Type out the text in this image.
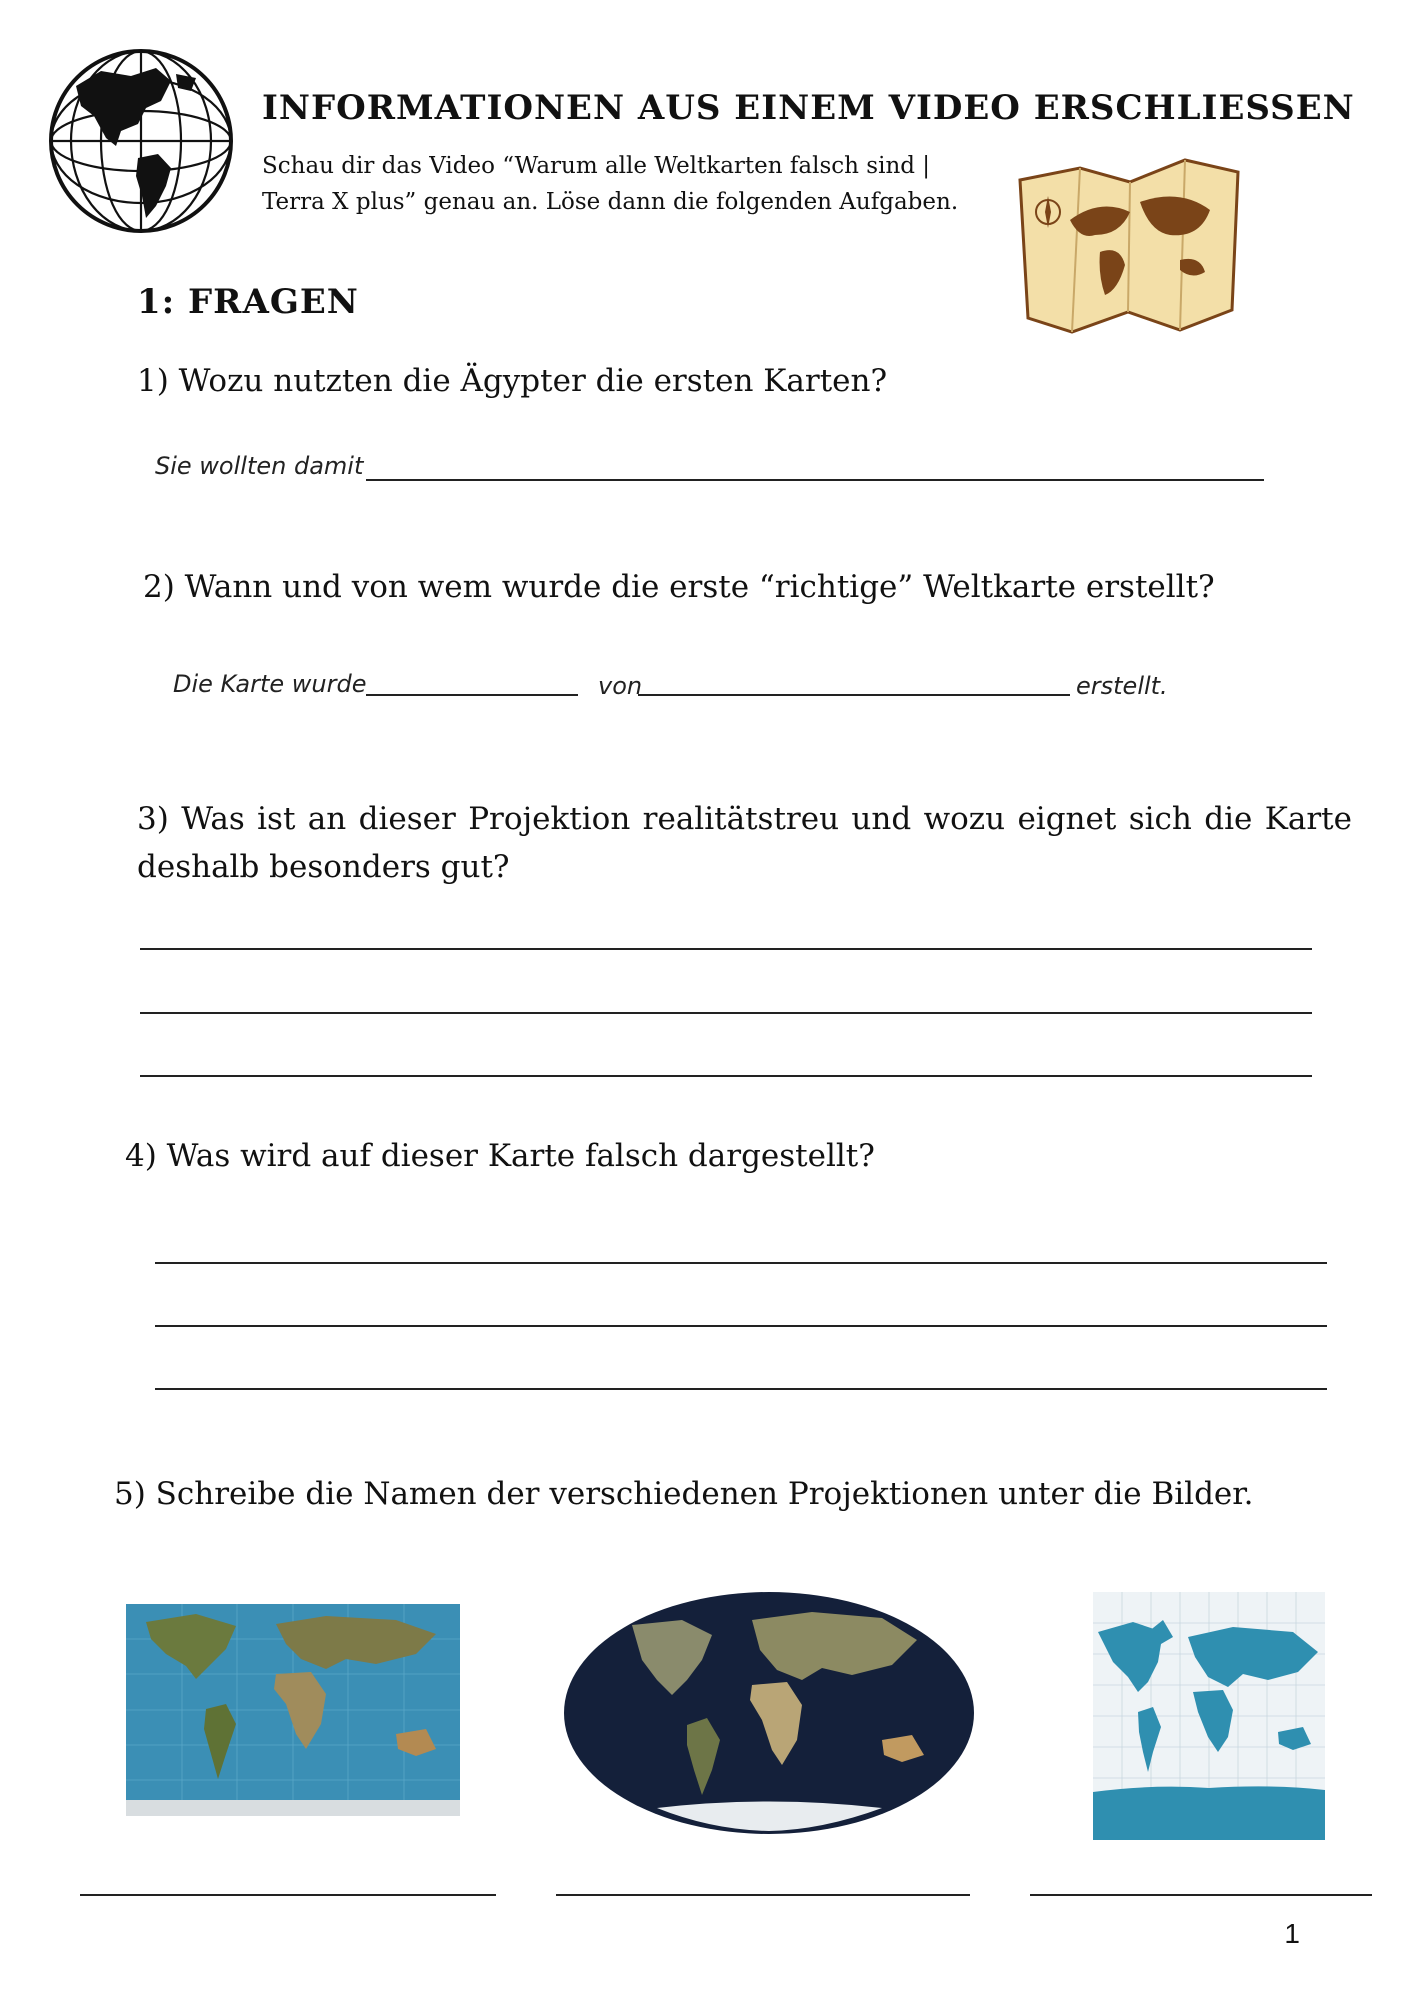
INFORMATIONEN AUS EINEM VIDEO ERSCHLIESSEN
Schau dir das Video “Warum alle Weltkarten falsch sind | Terra X plus” genau an. Löse dann die folgenden Aufgaben.
1: FRAGEN
1) Wozu nutzten die Ägypter die ersten Karten?
Sie wollten damit
2) Wann und von wem wurde die erste “richtige” Weltkarte erstellt?
Die Karte wurde	von	erstellt.
3) Was ist an dieser Projektion realitätstreu und wozu eignet sich die Karte deshalb besonders gut?
4) Was wird auf dieser Karte falsch dargestellt?
5) Schreibe die Namen der verschiedenen Projektionen unter die Bilder.
1
